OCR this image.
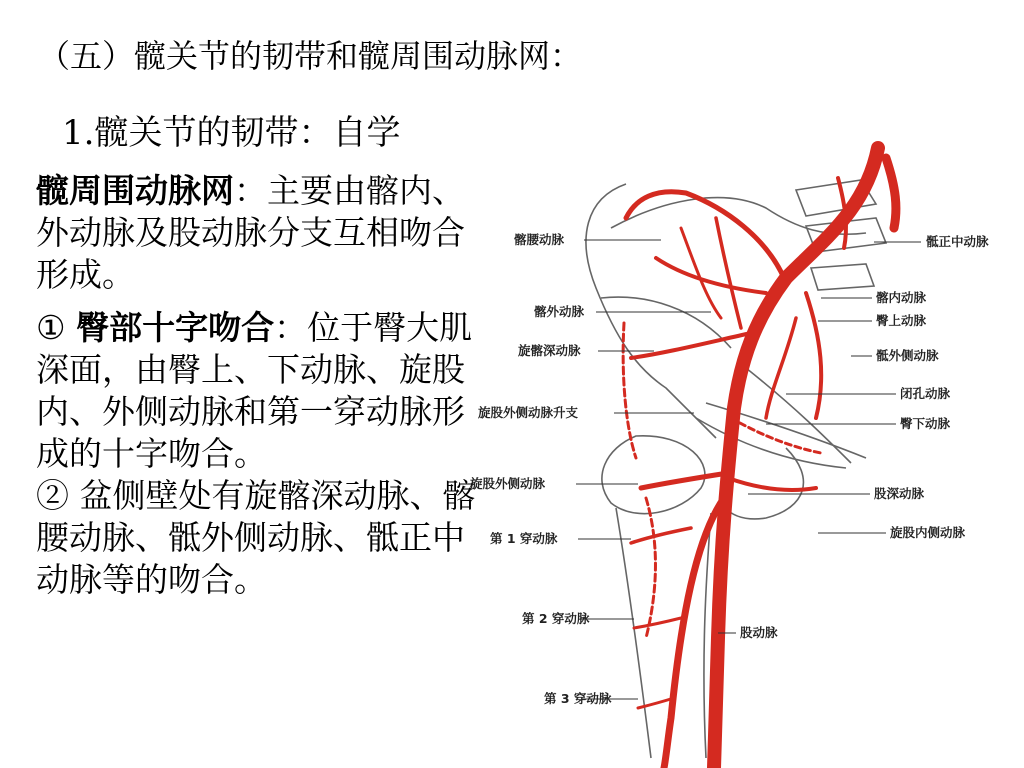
（五）髋关节的韧带和髋周围动脉网：
1.髋关节的韧带：自学

髋周围动脉网：主要由髂内、外动脉及股动脉分支互相吻合形成。

① 臀部十字吻合：位于臀大肌深面，由臀上、下动脉、旋股内、外侧动脉和第一穿动脉形成的十字吻合。

② 盆侧壁处有旋髂深动脉、髂腰动脉、骶外侧动脉、骶正中动脉等的吻合。

髂腰动脉
髂外动脉
旋髂深动脉
旋股外侧动脉升支
旋股外侧动脉
第 1 穿动脉
第 2 穿动脉
第 3 穿动脉
骶正中动脉
髂内动脉
臀上动脉
骶外侧动脉
闭孔动脉
臀下动脉
股深动脉
旋股内侧动脉
股动脉
